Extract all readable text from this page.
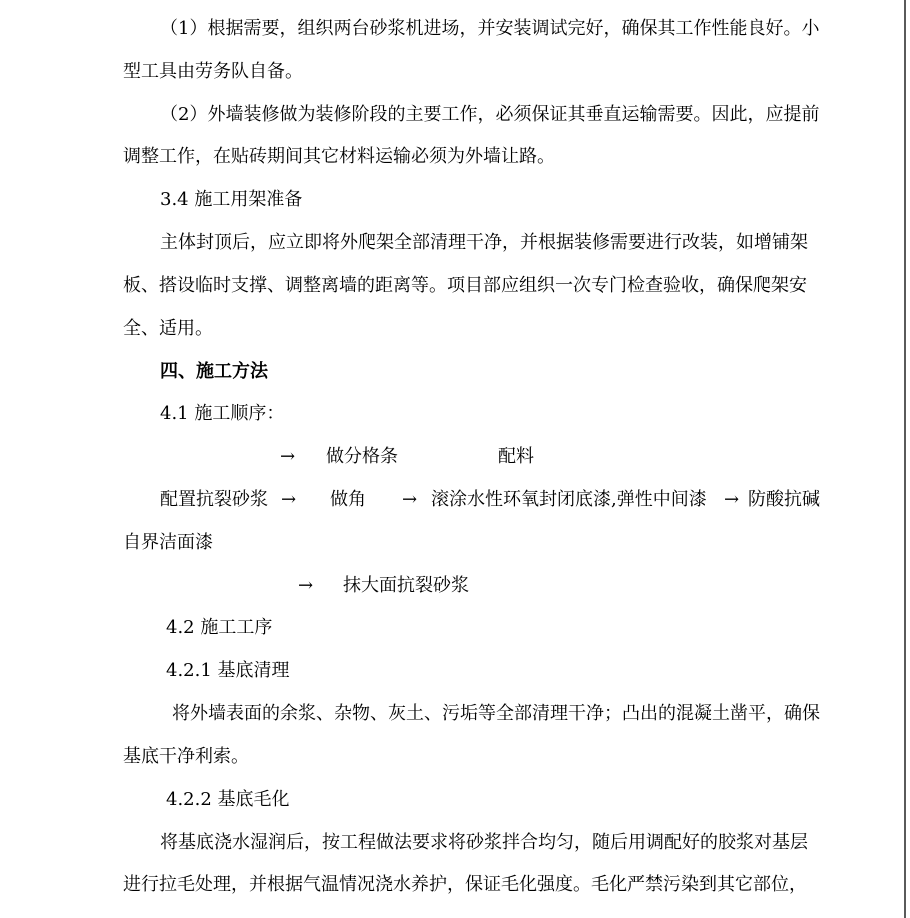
（1）根据需要，组织两台砂浆机进场，并安装调试完好，确保其工作性能良好。小
型工具由劳务队自备。
（2）外墙装修做为装修阶段的主要工作，必须保证其垂直运输需要。因此，应提前
调整工作，在贴砖期间其它材料运输必须为外墙让路。
3.4 施工用架准备
主体封顶后，应立即将外爬架全部清理干净，并根据装修需要进行改装，如增铺架
板、搭设临时支撑、调整离墙的距离等。项目部应组织一次专门检查验收，确保爬架安
全、适用。
四、施工方法
4.1 施工顺序：
→ 做分格条	配料
配置抗裂砂浆 → 做角 → 滚涂水性环氧封闭底漆,弹性中间漆 → 防酸抗碱
自界洁面漆
→ 抹大面抗裂砂浆
4.2 施工工序
4.2.1 基底清理
将外墙表面的余浆、杂物、灰土、污垢等全部清理干净；凸出的混凝土凿平，确保
基底干净利索。
4.2.2 基底毛化
将基底浇水湿润后，按工程做法要求将砂浆拌合均匀，随后用调配好的胶浆对基层
进行拉毛处理，并根据气温情况浇水养护，保证毛化强度。毛化严禁污染到其它部位，
